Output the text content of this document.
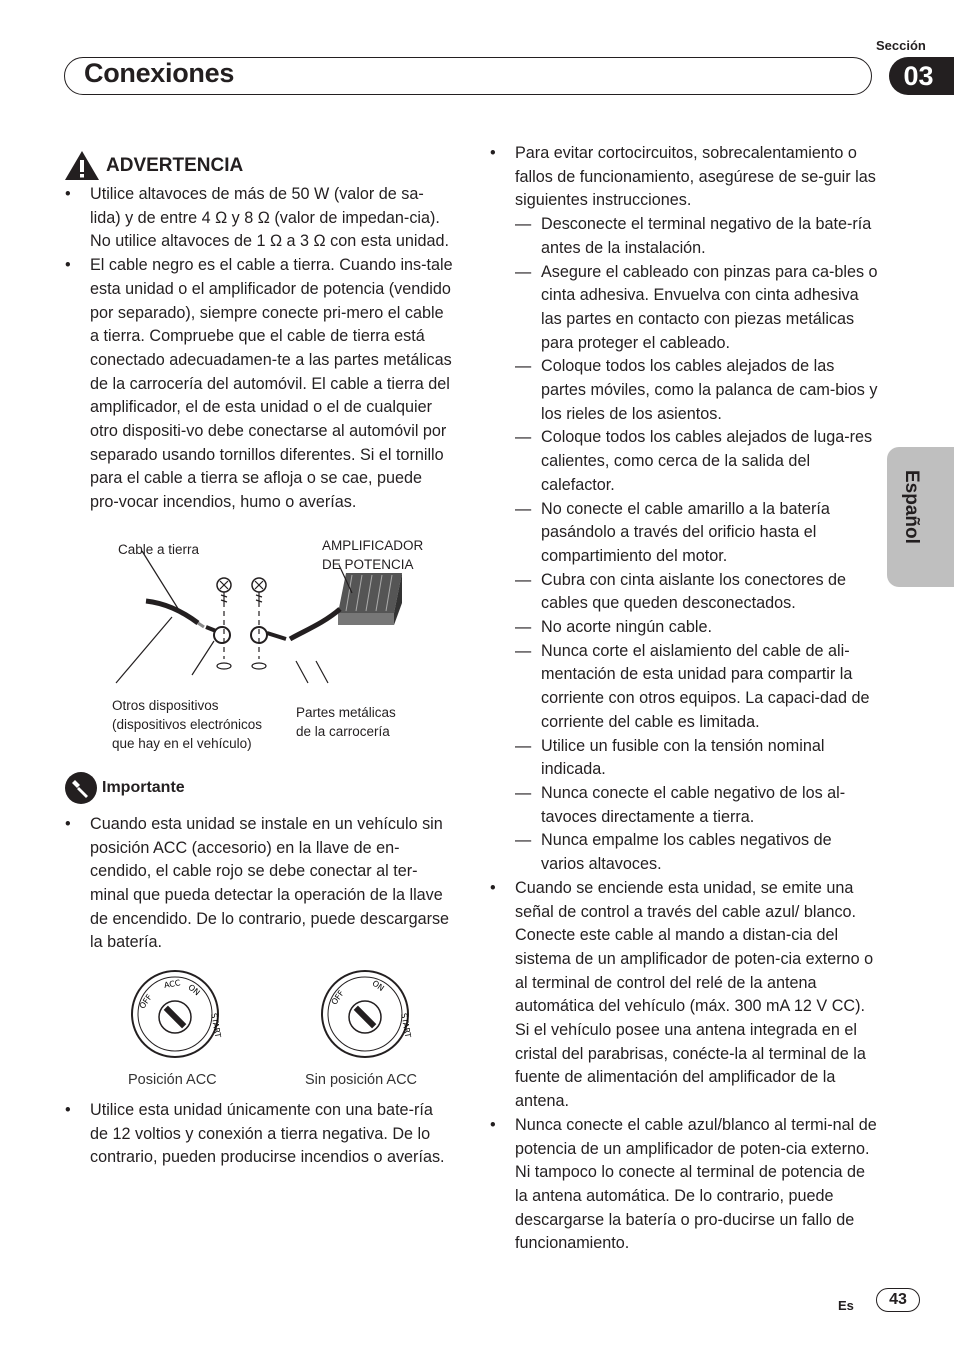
Sección
Conexiones	03
Español
ADVERTENCIA
• Utilice altavoces de más de 50 W (valor de sa-lida) y de entre 4 Ω y 8 Ω (valor de impedan-cia). No utilice altavoces de 1 Ω a 3 Ω con esta unidad.
• El cable negro es el cable a tierra. Cuando ins-tale esta unidad o el amplificador de potencia (vendido por separado), siempre conecte pri-mero el cable a tierra. Compruebe que el cable de tierra está conectado adecuadamen-te a las partes metálicas de la carrocería del automóvil. El cable a tierra del amplificador, el de esta unidad o el de cualquier otro dispositi-vo debe conectarse al automóvil por separado usando tornillos diferentes. Si el tornillo para el cable a tierra se afloja o se cae, puede pro-vocar incendios, humo o averías.
Cable a tierra	AMPLIFICADOR
DE POTENCIA
Otros dispositivos
(dispositivos electrónicos
que hay en el vehículo)
Partes metálicas
de la carrocería
Importante
• Cuando esta unidad se instale en un vehículo sin posición ACC (accesorio) en la llave de en-cendido, el cable rojo se debe conectar al ter-minal que pueda detectar la operación de la llave de encendido. De lo contrario, puede descargarse la batería.
OFF
ACC ON
START
OFF
ON
START
Posición ACC	Sin posición ACC
• Utilice esta unidad únicamente con una bate-ría de 12 voltios y conexión a tierra negativa. De lo contrario, pueden producirse incendios o averías.
• Para evitar cortocircuitos, sobrecalentamiento o fallos de funcionamiento, asegúrese de se-guir las siguientes instrucciones.
— Desconecte el terminal negativo de la bate-ría antes de la instalación.
— Asegure el cableado con pinzas para ca-bles o cinta adhesiva. Envuelva con cinta adhesiva las partes en contacto con piezas metálicas para proteger el cableado.
— Coloque todos los cables alejados de las partes móviles, como la palanca de cam-bios y los rieles de los asientos.
— Coloque todos los cables alejados de luga-res calientes, como cerca de la salida del calefactor.
— No conecte el cable amarillo a la batería pasándolo a través del orificio hasta el compartimiento del motor.
— Cubra con cinta aislante los conectores de cables que queden desconectados.
— No acorte ningún cable.
— Nunca corte el aislamiento del cable de ali-mentación de esta unidad para compartir la corriente con otros equipos. La capaci-dad de corriente del cable es limitada.
— Utilice un fusible con la tensión nominal indicada.
— Nunca conecte el cable negativo de los al-tavoces directamente a tierra.
— Nunca empalme los cables negativos de varios altavoces.
• Cuando se enciende esta unidad, se emite una señal de control a través del cable azul/ blanco. Conecte este cable al mando a distan-cia del sistema de un amplificador de poten-cia externo o al terminal de control del relé de la antena automática del vehículo (máx. 300 mA 12 V CC). Si el vehículo posee una antena integrada en el cristal del parabrisas, conécte-la al terminal de la fuente de alimentación del amplificador de la antena.
• Nunca conecte el cable azul/blanco al termi-nal de potencia de un amplificador de poten-cia externo. Ni tampoco lo conecte al terminal de potencia de la antena automática. De lo contrario, puede descargarse la batería o pro-ducirse un fallo de funcionamiento.
Es	43
